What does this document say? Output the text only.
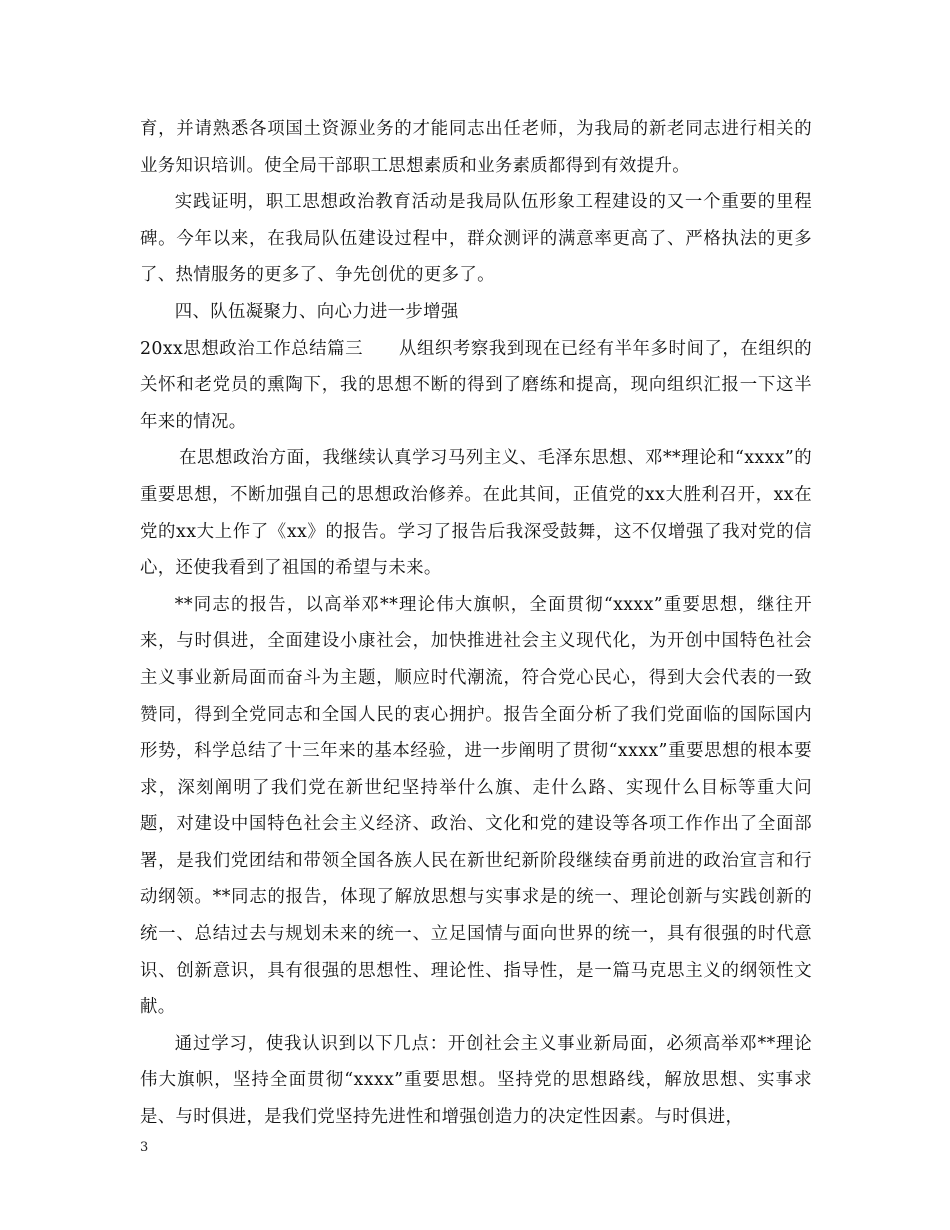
育，并请熟悉各项国土资源业务的才能同志出任老师，为我局的新老同志进行相关的业务知识培训。使全局干部职工思想素质和业务素质都得到有效提升。

实践证明，职工思想政治教育活动是我局队伍形象工程建设的又一个重要的里程碑。今年以来，在我局队伍建设过程中，群众测评的满意率更高了、严格执法的更多了、热情服务的更多了、争先创优的更多了。

四、队伍凝聚力、向心力进一步增强

20xx思想政治工作总结篇三　　从组织考察我到现在已经有半年多时间了，在组织的关怀和老党员的熏陶下，我的思想不断的得到了磨练和提高，现向组织汇报一下这半年来的情况。

在思想政治方面，我继续认真学习马列主义、毛泽东思想、邓**理论和“xxxx”的重要思想，不断加强自己的思想政治修养。在此其间，正值党的xx大胜利召开，xx在党的xx大上作了《xx》的报告。学习了报告后我深受鼓舞，这不仅增强了我对党的信心，还使我看到了祖国的希望与未来。

**同志的报告，以高举邓**理论伟大旗帜，全面贯彻“xxxx”重要思想，继往开来，与时俱进，全面建设小康社会，加快推进社会主义现代化，为开创中国特色社会主义事业新局面而奋斗为主题，顺应时代潮流，符合党心民心，得到大会代表的一致赞同，得到全党同志和全国人民的衷心拥护。报告全面分析了我们党面临的国际国内形势，科学总结了十三年来的基本经验，进一步阐明了贯彻“xxxx”重要思想的根本要求，深刻阐明了我们党在新世纪坚持举什么旗、走什么路、实现什么目标等重大问题，对建设中国特色社会主义经济、政治、文化和党的建设等各项工作作出了全面部署，是我们党团结和带领全国各族人民在新世纪新阶段继续奋勇前进的政治宣言和行动纲领。**同志的报告，体现了解放思想与实事求是的统一、理论创新与实践创新的统一、总结过去与规划未来的统一、立足国情与面向世界的统一，具有很强的时代意识、创新意识，具有很强的思想性、理论性、指导性，是一篇马克思主义的纲领性文献。

通过学习，使我认识到以下几点：开创社会主义事业新局面，必须高举邓**理论伟大旗帜，坚持全面贯彻“xxxx”重要思想。坚持党的思想路线，解放思想、实事求是、与时俱进，是我们党坚持先进性和增强创造力的决定性因素。与时俱进，

3
